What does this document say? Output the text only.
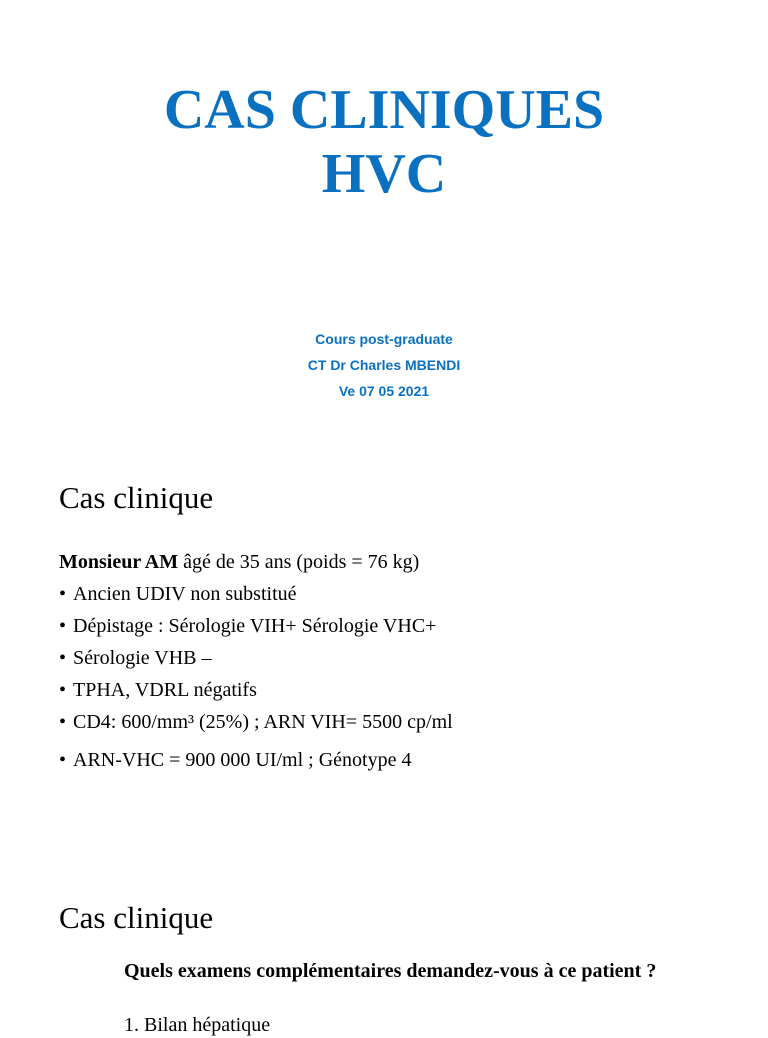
CAS CLINIQUES
HVC
Cours post-graduate
CT Dr Charles MBENDI
Ve 07 05 2021
Cas clinique
Monsieur AM âgé de 35 ans (poids = 76 kg)
• Ancien UDIV non substitué
• Dépistage : Sérologie VIH+ Sérologie VHC+
• Sérologie VHB –
• TPHA, VDRL négatifs
• CD4: 600/mm³ (25%) ; ARN VIH= 5500 cp/ml
• ARN-VHC = 900 000 UI/ml ; Génotype 4
Cas clinique
Quels examens complémentaires demandez-vous à ce patient ?
1. Bilan hépatique
